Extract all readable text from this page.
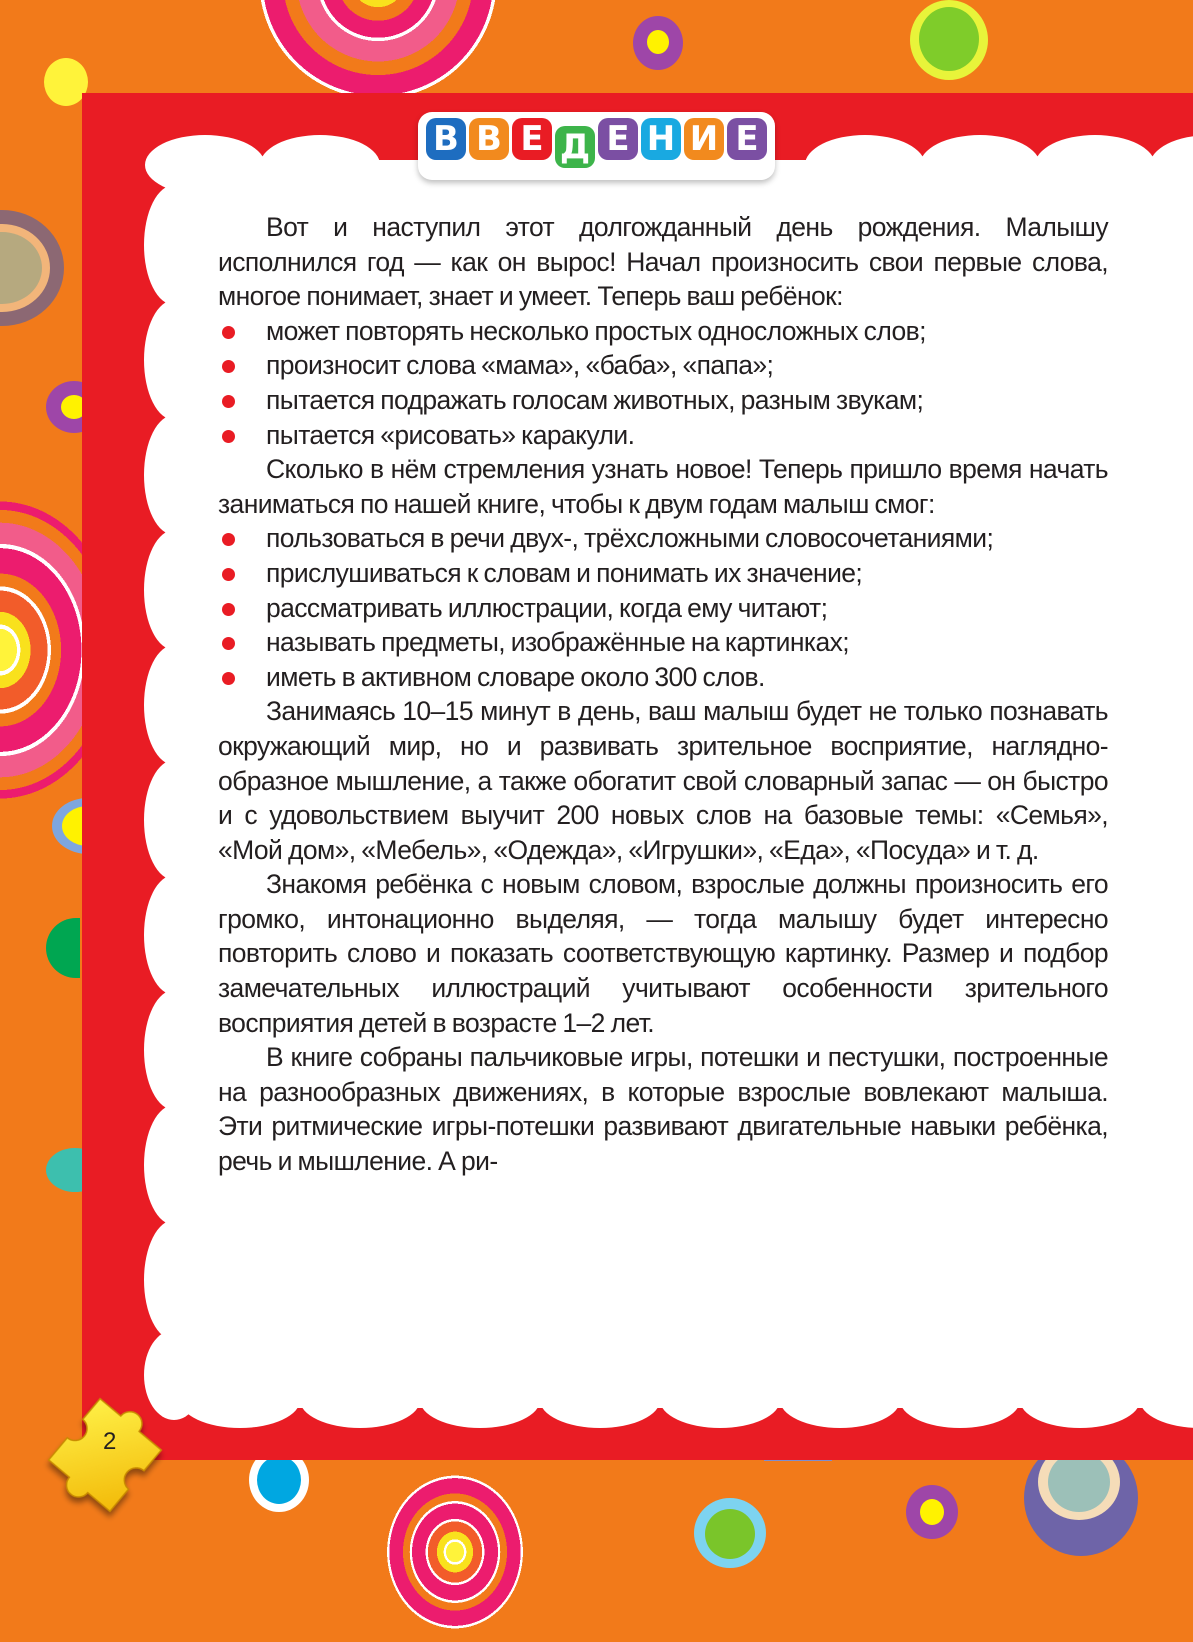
В В Е Д Е Н И Е

Вот и наступил этот долгожданный день рождения. Малышу исполнился год — как он вырос! Начал произносить свои первые слова, многое понимает, знает и умеет. Теперь ваш ребёнок:

может повторять несколько простых односложных слов;
произносит слова «мама», «баба», «папа»;
пытается подражать голосам животных, разным звукам;
пытается «рисовать» каракули.

Сколько в нём стремления узнать новое! Теперь пришло время начать заниматься по нашей книге, чтобы к двум годам малыш смог:

пользоваться в речи двух-, трёхсложными словосочетаниями;
прислушиваться к словам и понимать их значение;
рассматривать иллюстрации, когда ему читают;
называть предметы, изображённые на картинках;
иметь в активном словаре около 300 слов.

Занимаясь 10–15 минут в день, ваш малыш будет не только познавать окружающий мир, но и развивать зрительное восприятие, наглядно-образное мышление, а также обогатит свой словарный запас — он быстро и с удовольствием выучит 200 новых слов на базовые темы: «Семья», «Мой дом», «Мебель», «Одежда», «Игрушки», «Еда», «Посуда» и т. д.

Знакомя ребёнка с новым словом, взрослые должны произносить его громко, интонационно выделяя, — тогда малышу будет интересно повторить слово и показать соответствующую картинку. Размер и подбор замечательных иллюстраций учитывают особенности зрительного восприятия детей в возрасте 1–2 лет.

В книге собраны пальчиковые игры, потешки и пестушки, построенные на разнообразных движениях, в которые взрослые вовлекают малыша. Эти ритмические игры-потешки развивают двигательные навыки ребёнка, речь и мышление. А ри-

2
